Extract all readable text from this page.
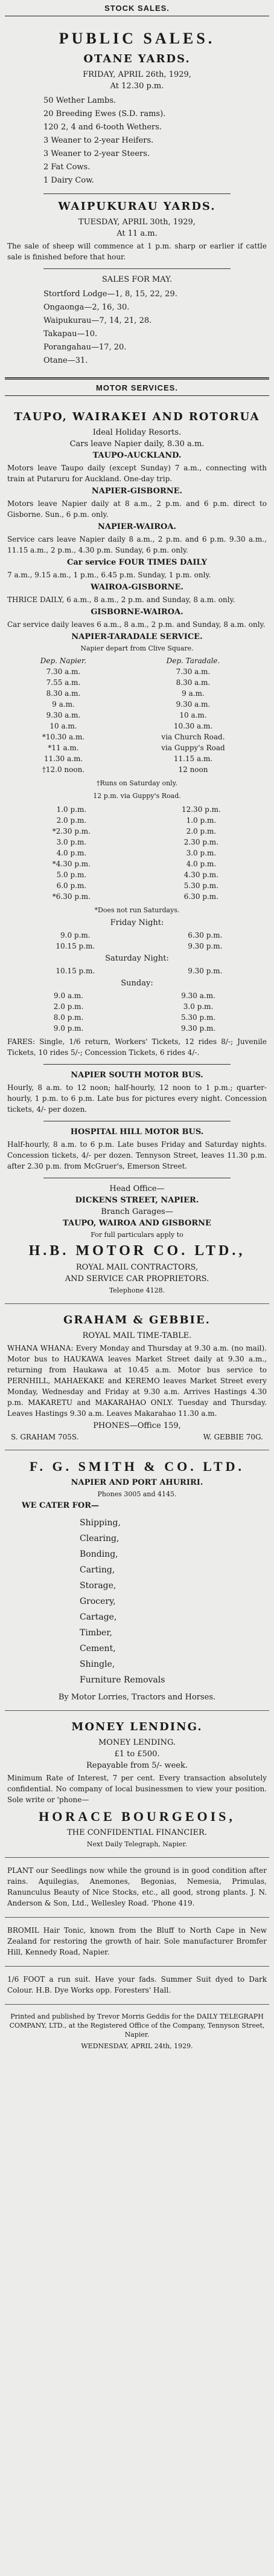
STOCK SALES.
PUBLIC SALES.
OTANE YARDS.
FRIDAY, APRIL 26th, 1929,
At 12.30 p.m.
50 Wether Lambs.
20 Breeding Ewes (S.D. rams).
120 2, 4 and 6-tooth Wethers.
3 Weaner to 2-year Heifers.
3 Weaner to 2-year Steers.
2 Fat Cows.
1 Dairy Cow.
WAIPUKURAU YARDS.
TUESDAY, APRIL 30th, 1929,
At 11 a.m.
The sale of sheep will commence at 1 p.m. sharp or earlier if cattle sale is finished before that hour.
SALES FOR MAY.
Stortford Lodge—1, 8, 15, 22, 29.
Ongaonga—2, 16, 30.
Waipukurau—7, 14, 21, 28.
Takapau—10.
Porangahau—17, 20.
Otane—31.
MOTOR SERVICES.
TAUPO, WAIRAKEI AND ROTORUA
Ideal Holiday Resorts.
Cars leave Napier daily, 8.30 a.m.
TAUPO-AUCKLAND.
Motors leave Taupo daily (except Sunday) 7 a.m., connecting with train at Putaruru for Auckland. One-day trip.
NAPIER-GISBORNE.
Motors leave Napier daily at 8 a.m., 2 p.m. and 6 p.m. direct to Gisborne. Sun., 6 p.m. only.
NAPIER-WAIROA.
Service cars leave Napier daily 8 a.m., 2 p.m. and 6 p.m. 9.30 a.m., 11.15 a.m., 2 p.m., 4.30 p.m. Sunday, 6 p.m. only.
Car service FOUR TIMES DAILY
7 a.m., 9.15 a.m., 1 p.m., 6.45 p.m. Sunday, 1 p.m. only.
WAIROA-GISBORNE.
THRICE DAILY, 6 a.m., 8 a.m., 2 p.m. and Sunday, 8 a.m. only.
GISBORNE-WAIROA.
Car service daily leaves 6 a.m., 8 a.m., 2 p.m. and Sunday, 8 a.m. only.
NAPIER-TARADALE SERVICE.
Napier depart from Clive Square.
Dep. Napier.	Dep. Taradale.
7.30 a.m.	7.30 a.m.
7.55 a.m.	8.30 a.m.
8.30 a.m.	9 a.m.
9 a.m.	9.30 a.m.
9.30 a.m.	10 a.m.
10 a.m.	10.30 a.m.
*10.30 a.m.	via Church Road.
*11 a.m.	via Guppy's Road
11.30 a.m.	11.15 a.m.
†12.0 noon.	12 noon
†Runs on Saturday only.
12 p.m. via Guppy's Road.
1.0 p.m.	12.30 p.m.
2.0 p.m.	1.0 p.m.
*2.30 p.m.	2.0 p.m.
3.0 p.m.	2.30 p.m.
4.0 p.m.	3.0 p.m.
*4.30 p.m.	4.0 p.m.
5.0 p.m.	4.30 p.m.
6.0 p.m.	5.30 p.m.
*6.30 p.m.	6.30 p.m.
*Does not run Saturdays.
Friday Night:
9.0 p.m.	6.30 p.m.
10.15 p.m.	9.30 p.m.
Saturday Night:
10.15 p.m.	9.30 p.m.
Sunday:
9.0 a.m.	9.30 a.m.
2.0 p.m.	3.0 p.m.
8.0 p.m.	5.30 p.m.
9.0 p.m.	9.30 p.m.
FARES: Single, 1/6 return, Workers' Tickets, 12 rides 8/-; Juvenile Tickets, 10 rides 5/-; Concession Tickets, 6 rides 4/-.
NAPIER SOUTH MOTOR BUS.
Hourly, 8 a.m. to 12 noon; half-hourly, 12 noon to 1 p.m.; quarter-hourly, 1 p.m. to 6 p.m. Late bus for pictures every night. Concession tickets, 4/- per dozen.
HOSPITAL HILL MOTOR BUS.
Half-hourly, 8 a.m. to 6 p.m. Late buses Friday and Saturday nights. Concession tickets, 4/- per dozen. Tennyson Street, leaves 11.30 p.m. after 2.30 p.m. from McGruer's, Emerson Street.
Head Office—
DICKENS STREET, NAPIER.
Branch Garages—
TAUPO, WAIROA AND GISBORNE
For full particulars apply to
H.B. MOTOR CO. LTD.,
ROYAL MAIL CONTRACTORS,
AND SERVICE CAR PROPRIETORS.
Telephone 4128.
GRAHAM & GEBBIE.
ROYAL MAIL TIME-TABLE.
WHANA WHANA: Every Monday and Thursday at 9.30 a.m. (no mail). Motor bus to HAUKAWA leaves Market Street daily at 9.30 a.m., returning from Haukawa at 10.45 a.m. Motor bus service to PERNHILL, MAHAEKAKE and KEREMO leaves Market Street every Monday, Wednesday and Friday at 9.30 a.m. Arrives Hastings 4.30 p.m. MAKARETU and MAKARAHAO ONLY. Tuesday and Thursday. Leaves Hastings 9.30 a.m. Leaves Makarahao 11.30 a.m.
PHONES—Office 159,
S. GRAHAM 705S.	W. GEBBIE 70G.
F. G. SMITH & CO. LTD.
NAPIER AND PORT AHURIRI.
Phones 3005 and 4145.
WE CATER FOR—
Shipping,
Clearing,
Bonding,
Carting,
Storage,
Grocery,
Cartage,
Timber,
Cement,
Shingle,
Furniture Removals
By Motor Lorries, Tractors and Horses.
MONEY LENDING.
MONEY LENDING.
£1 to £500.
Repayable from 5/- week.
Minimum Rate of Interest, 7 per cent. Every transaction absolutely confidential. No company of local businessmen to view your position. Sole write or 'phone—
HORACE BOURGEOIS,
THE CONFIDENTIAL FINANCIER.
Next Daily Telegraph, Napier.
PLANT our Seedlings now while the ground is in good condition after rains. Aquilegias, Anemones, Begonias, Nemesia, Primulas, Ranunculus Beauty of Nice Stocks, etc., all good, strong plants. J. N. Anderson & Son, Ltd., Wellesley Road. 'Phone 419.
BROMIL Hair Tonic, known from the Bluff to North Cape in New Zealand for restoring the growth of hair. Sole manufacturer Bromfer Hill, Kennedy Road, Napier.
1/6 FOOT a run suit. Have your fads. Summer Suit dyed to Dark Colour. H.B. Dye Works opp. Foresters' Hall.
Printed and published by Trevor Morris Geddis for the DAILY TELEGRAPH COMPANY, LTD., at the Registered Office of the Company, Tennyson Street, Napier.
WEDNESDAY, APRIL 24th, 1929.
